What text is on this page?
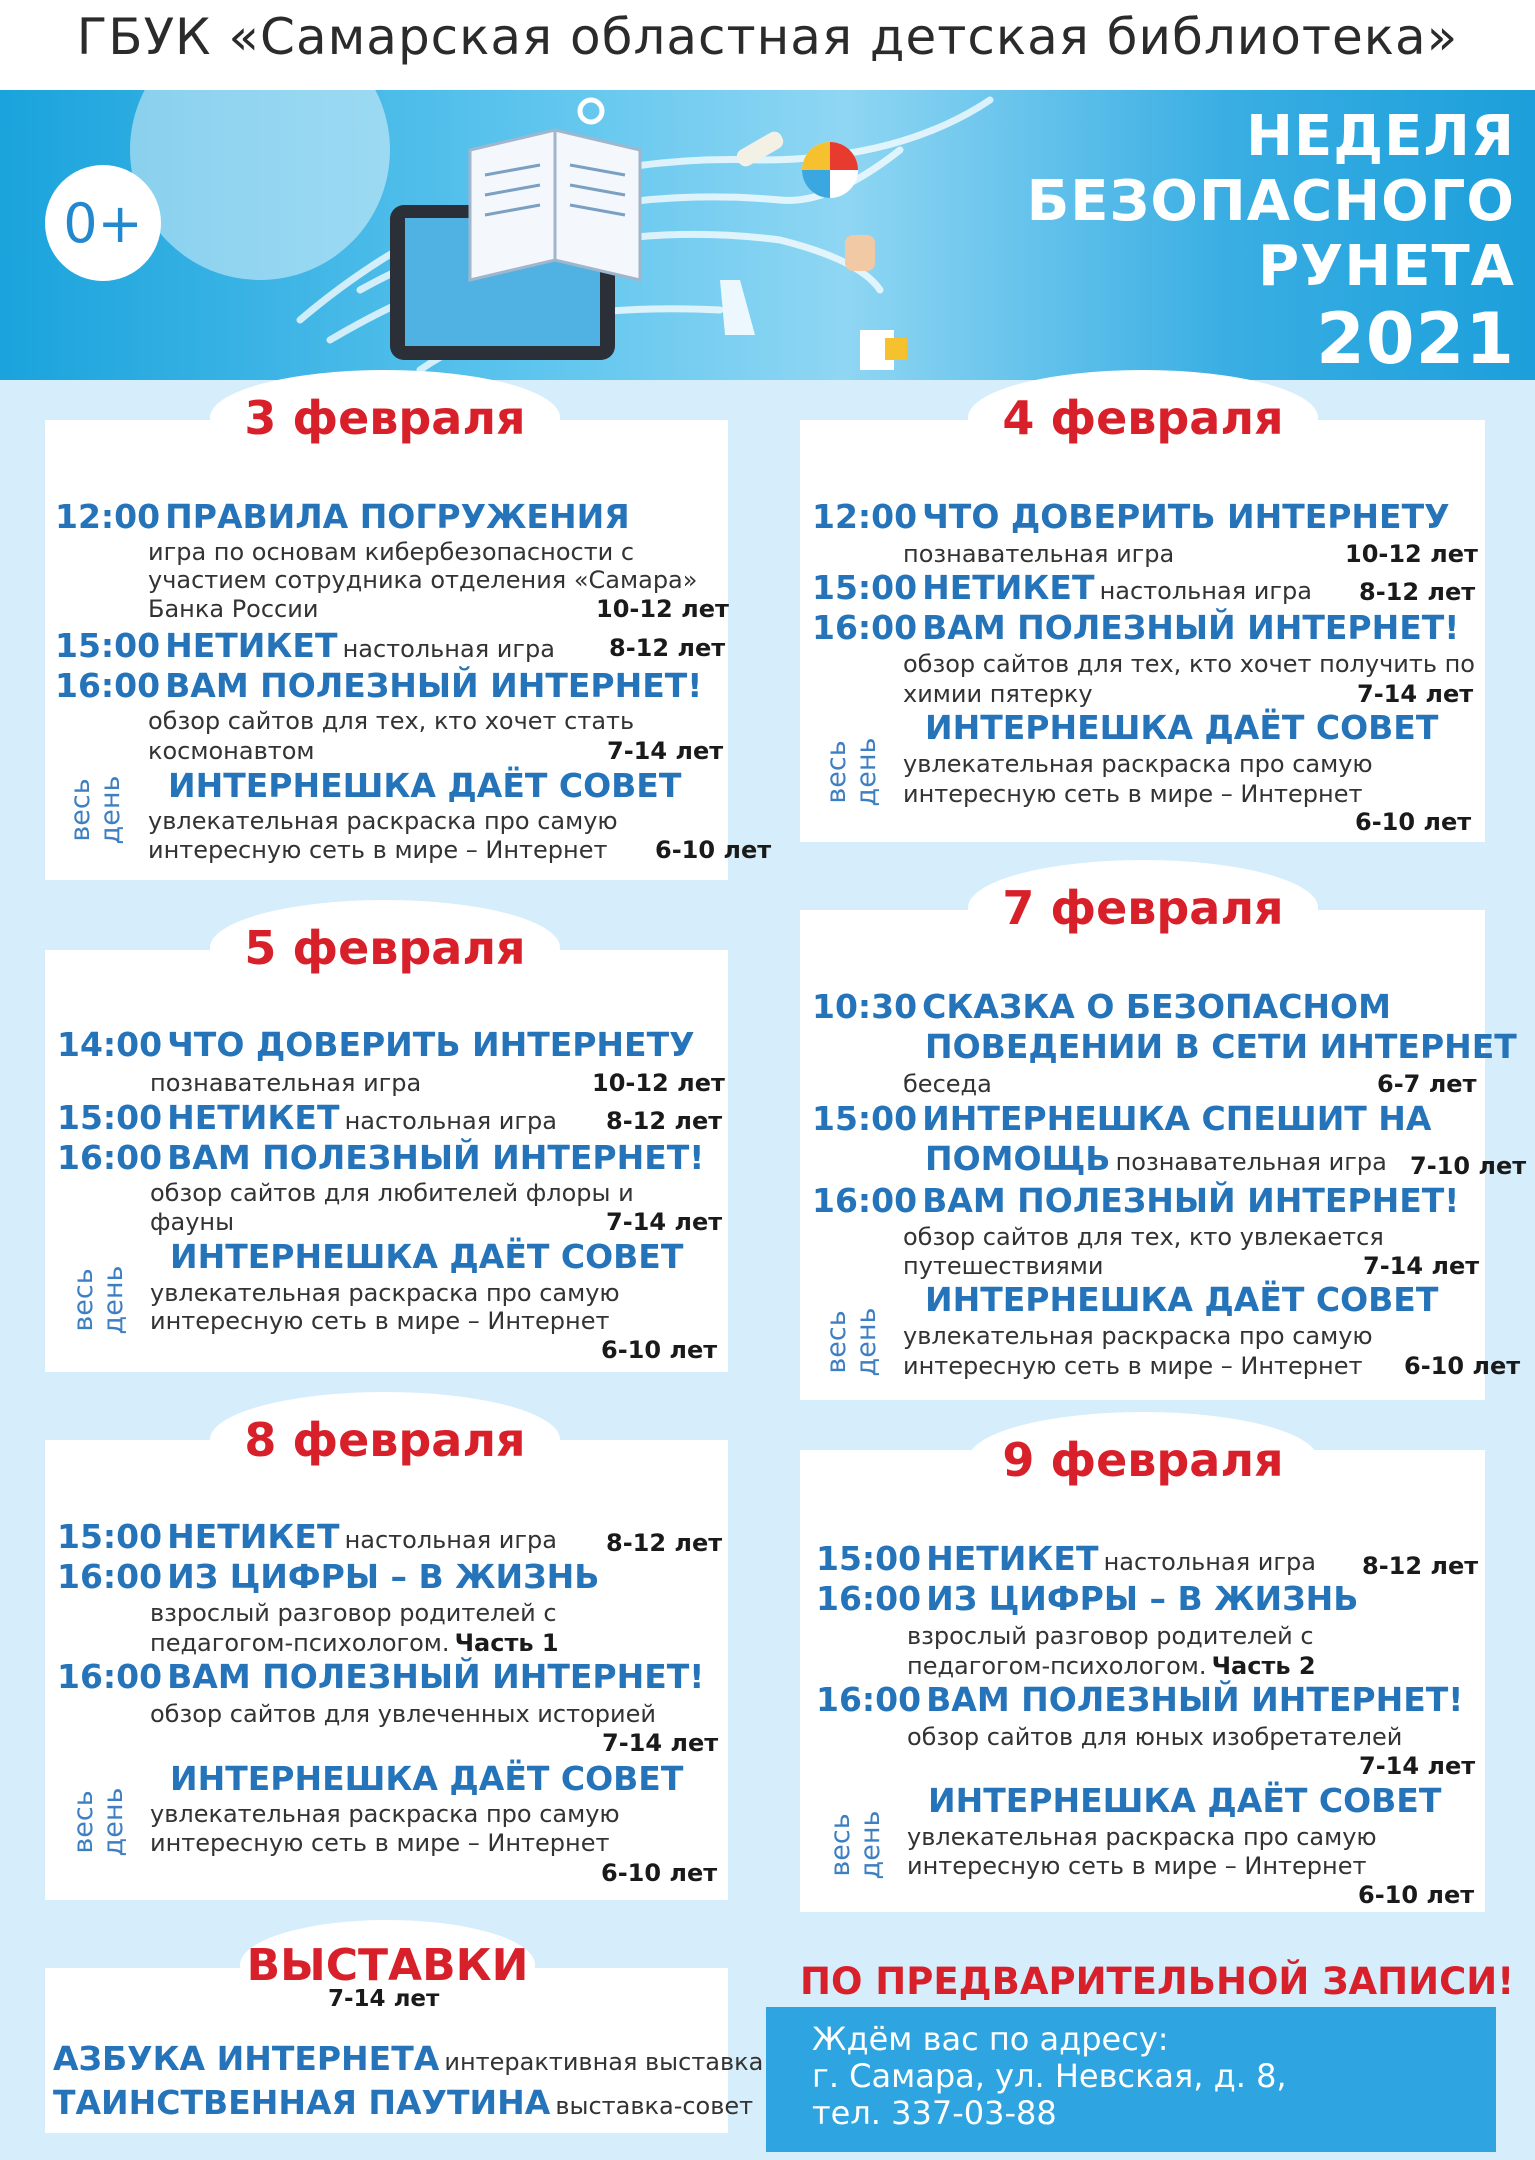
ГБУК «Самарская областная детская библиотека»
0+
НЕДЕЛЯ
БЕЗОПАСНОГО
РУНЕТА
2021
3 февраля
12:00 ПРАВИЛА ПОГРУЖЕНИЯ
игра по основам кибербезопасности с
участием сотрудника отделения «Самара»
Банка России	10-12 лет
15:00 НЕТИКЕТ настольная игра 8-12 лет
16:00 ВАМ ПОЛЕЗНЫЙ ИНТЕРНЕТ!
обзор сайтов для тех, кто хочет стать
космонавтом	7-14 лет
весь день ИНТЕРНЕШКА ДАЁТ СОВЕТ
увлекательная раскраска про самую
интересную сеть в мире – Интернет 6-10 лет
4 февраля
12:00 ЧТО ДОВЕРИТЬ ИНТЕРНЕТУ
познавательная игра	10-12 лет
15:00 НЕТИКЕТ настольная игра 8-12 лет
16:00 ВАМ ПОЛЕЗНЫЙ ИНТЕРНЕТ!
обзор сайтов для тех, кто хочет получить по
химии пятерку	7-14 лет
весь день
ИНТЕРНЕШКА ДАЁТ СОВЕТ
увлекательная раскраска про самую
интересную сеть в мире – Интернет
6-10 лет
5 февраля
14:00 ЧТО ДОВЕРИТЬ ИНТЕРНЕТУ
познавательная игра	10-12 лет
15:00 НЕТИКЕТ настольная игра 8-12 лет
16:00 ВАМ ПОЛЕЗНЫЙ ИНТЕРНЕТ!
обзор сайтов для любителей флоры и
фауны	7-14 лет
весь день
ИНТЕРНЕШКА ДАЁТ СОВЕТ
увлекательная раскраска про самую
интересную сеть в мире – Интернет
6-10 лет
7 февраля
10:30 СКАЗКА О БЕЗОПАСНОМ
ПОВЕДЕНИИ В СЕТИ ИНТЕРНЕТ
беседа	6-7 лет
15:00 ИНТЕРНЕШКА СПЕШИТ НА
ПОМОЩЬ познавательная игра 7-10 лет
16:00 ВАМ ПОЛЕЗНЫЙ ИНТЕРНЕТ!
обзор сайтов для тех, кто увлекается
путешествиями	7-14 лет
весь день
ИНТЕРНЕШКА ДАЁТ СОВЕТ
увлекательная раскраска про самую
интересную сеть в мире – Интернет 6-10 лет
8 февраля
15:00 НЕТИКЕТ настольная игра 8-12 лет
16:00 ИЗ ЦИФРЫ – В ЖИЗНЬ
взрослый разговор родителей с
педагогом-психологом. Часть 1
16:00 ВАМ ПОЛЕЗНЫЙ ИНТЕРНЕТ!
обзор сайтов для увлеченных историей
7-14 лет
весь день
ИНТЕРНЕШКА ДАЁТ СОВЕТ
увлекательная раскраска про самую
интересную сеть в мире – Интернет
6-10 лет
9 февраля
15:00 НЕТИКЕТ настольная игра 8-12 лет
16:00 ИЗ ЦИФРЫ – В ЖИЗНЬ
взрослый разговор родителей с
педагогом-психологом. Часть 2
16:00 ВАМ ПОЛЕЗНЫЙ ИНТЕРНЕТ!
обзор сайтов для юных изобретателей
7-14 лет
весь день
ИНТЕРНЕШКА ДАЁТ СОВЕТ
увлекательная раскраска про самую
интересную сеть в мире – Интернет
6-10 лет
ВЫСТАВКИ
7-14 лет
АЗБУКА ИНТЕРНЕТА интерактивная выставка
ТАИНСТВЕННАЯ ПАУТИНА выставка-совет
ПО ПРЕДВАРИТЕЛЬНОЙ ЗАПИСИ!
Ждём вас по адресу:
г. Самара, ул. Невская, д. 8,
тел. 337-03-88
